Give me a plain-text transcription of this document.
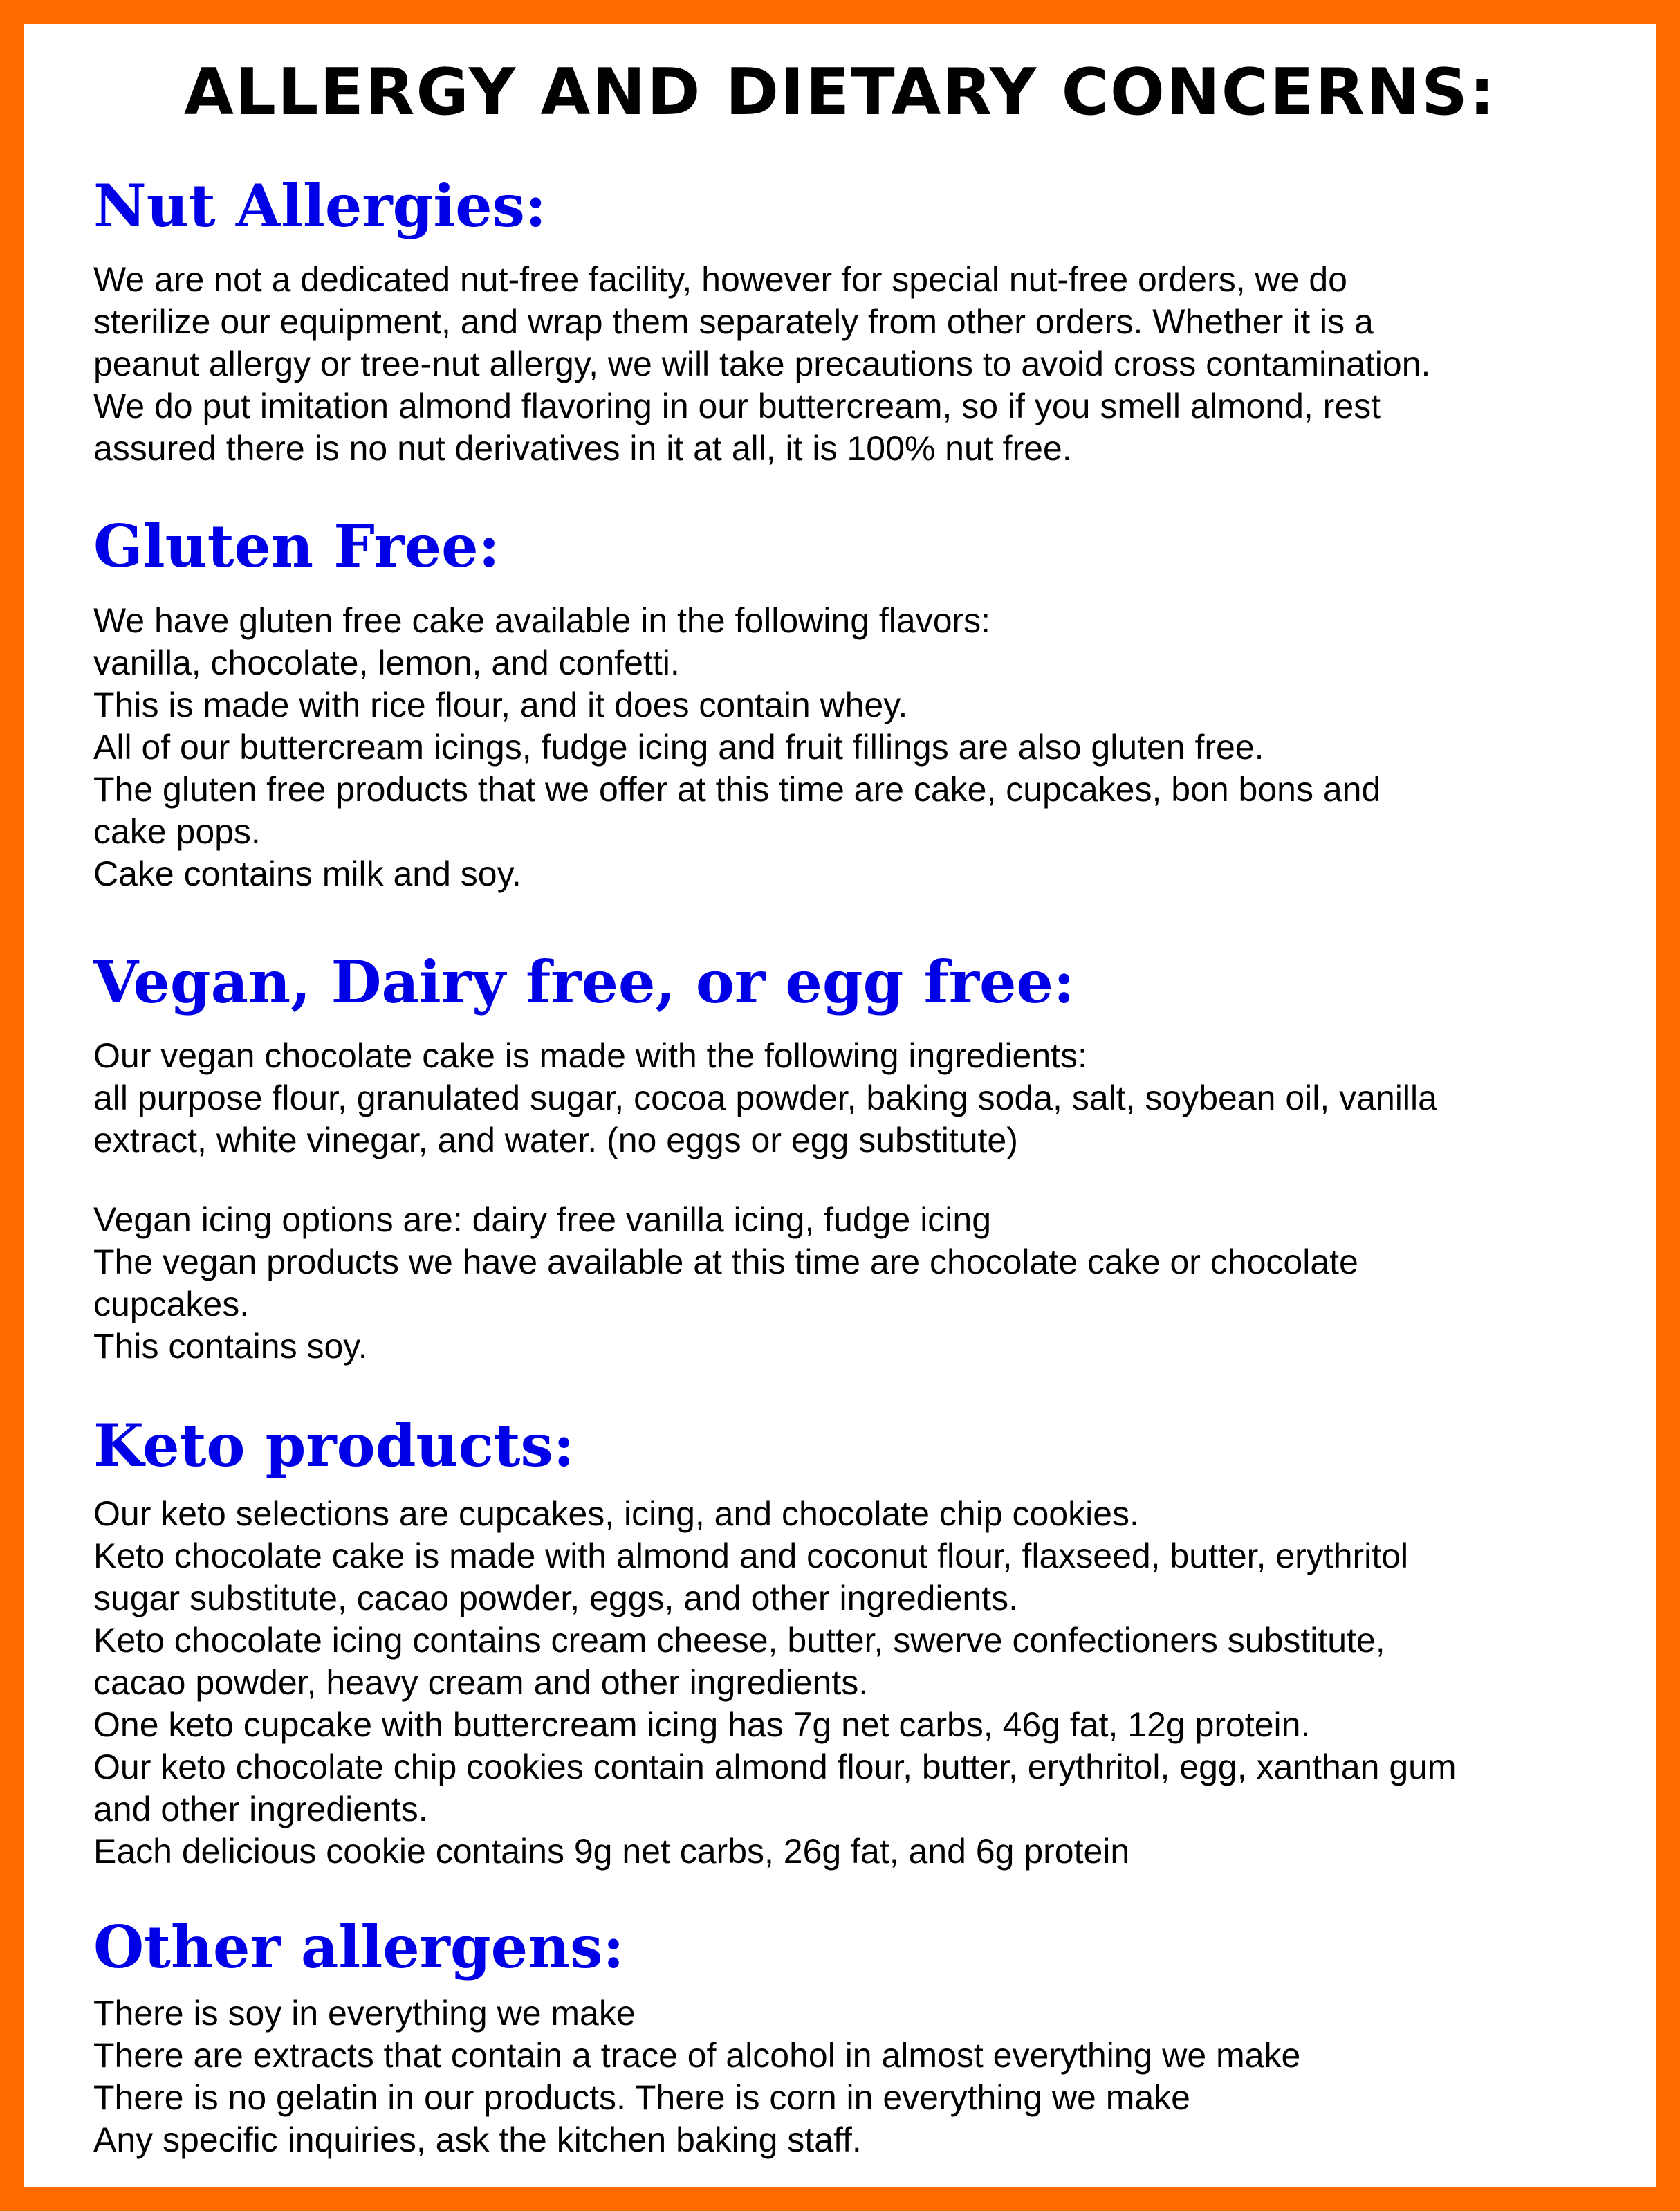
ALLERGY AND DIETARY CONCERNS:
Nut Allergies:
We are not a dedicated nut-free facility, however for special nut-free orders, we do
sterilize our equipment, and wrap them separately from other orders. Whether it is a
peanut allergy or tree-nut allergy, we will take precautions to avoid cross contamination.
We do put imitation almond flavoring in our buttercream, so if you smell almond, rest
assured there is no nut derivatives in it at all, it is 100% nut free.
Gluten Free:
We have gluten free cake available in the following flavors:
vanilla, chocolate, lemon, and confetti.
This is made with rice flour, and it does contain whey.
All of our buttercream icings, fudge icing and fruit fillings are also gluten free.
The gluten free products that we offer at this time are cake, cupcakes, bon bons and
cake pops.
Cake contains milk and soy.
Vegan, Dairy free, or egg free:
Our vegan chocolate cake is made with the following ingredients:
all purpose flour, granulated sugar, cocoa powder, baking soda, salt, soybean oil, vanilla
extract, white vinegar, and water. (no eggs or egg substitute)
Vegan icing options are: dairy free vanilla icing, fudge icing
The vegan products we have available at this time are chocolate cake or chocolate
cupcakes.
This contains soy.
Keto products:
Our keto selections are cupcakes, icing, and chocolate chip cookies.
Keto chocolate cake is made with almond and coconut flour, flaxseed, butter, erythritol
sugar substitute, cacao powder, eggs, and other ingredients.
Keto chocolate icing contains cream cheese, butter, swerve confectioners substitute,
cacao powder, heavy cream and other ingredients.
One keto cupcake with buttercream icing has 7g net carbs, 46g fat, 12g protein.
Our keto chocolate chip cookies contain almond flour, butter, erythritol, egg, xanthan gum
and other ingredients.
Each delicious cookie contains 9g net carbs, 26g fat, and 6g protein
Other allergens:
There is soy in everything we make
There are extracts that contain a trace of alcohol in almost everything we make
There is no gelatin in our products. There is corn in everything we make
Any specific inquiries, ask the kitchen baking staff.
